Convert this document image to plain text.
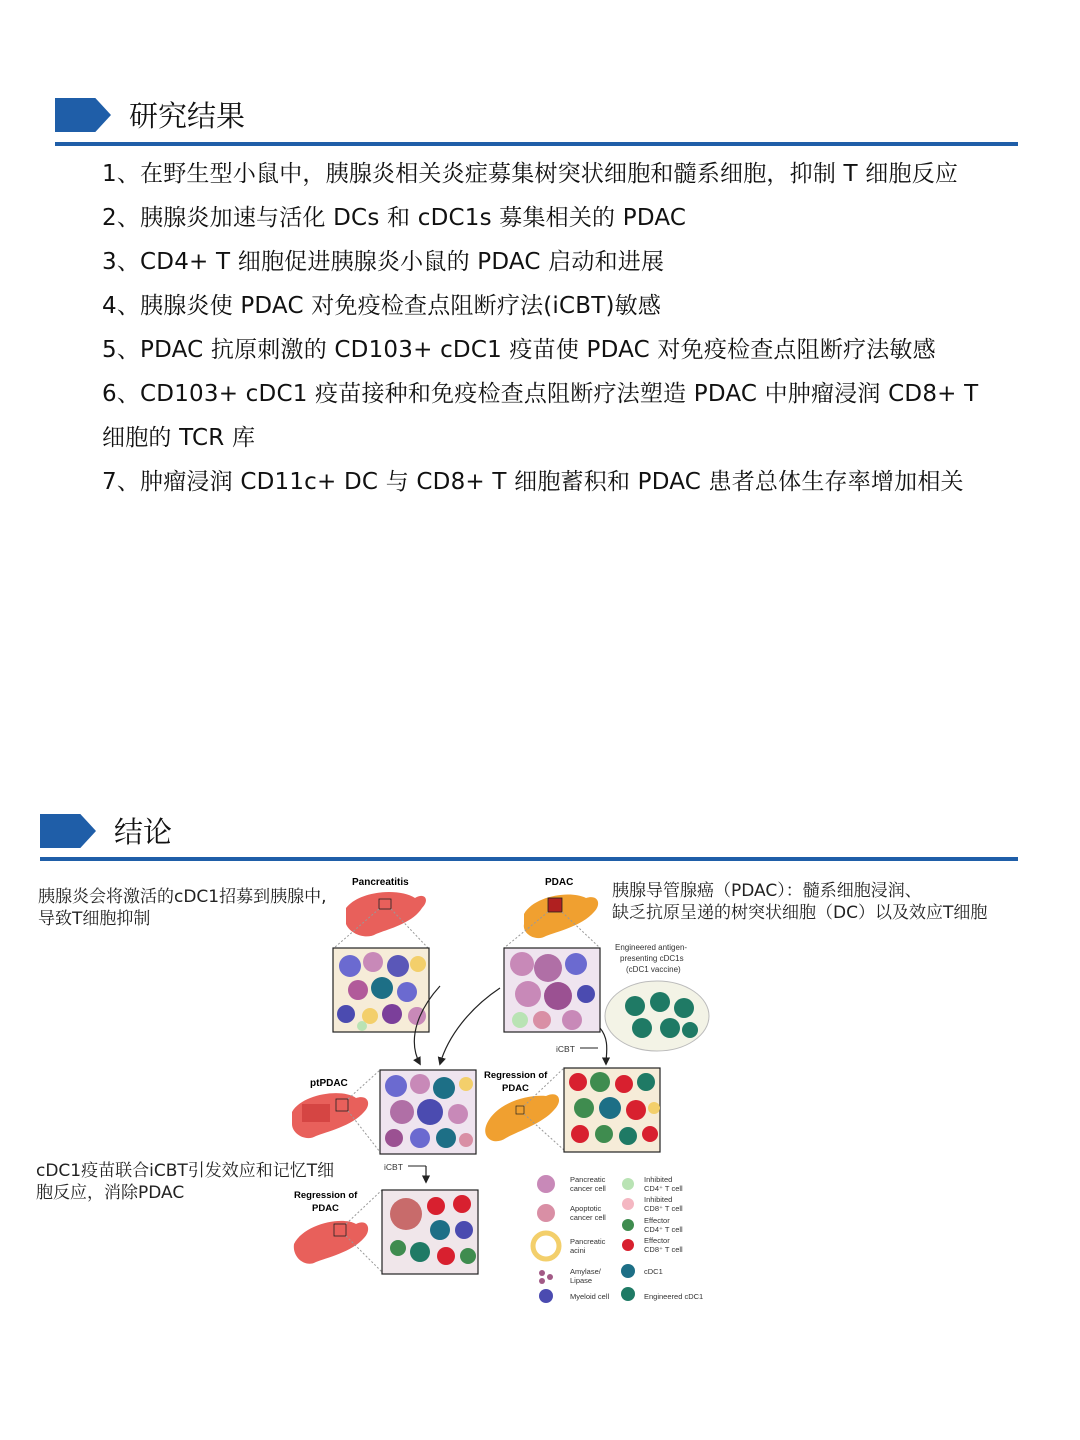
研究结果
1、在野生型小鼠中，胰腺炎相关炎症募集树突状细胞和髓系细胞，抑制 T 细胞反应
2、胰腺炎加速与活化 DCs 和 cDC1s 募集相关的 PDAC
3、CD4+ T 细胞促进胰腺炎小鼠的 PDAC 启动和进展
4、胰腺炎使 PDAC 对免疫检查点阻断疗法(iCBT)敏感
5、PDAC 抗原刺激的 CD103+ cDC1 疫苗使 PDAC 对免疫检查点阻断疗法敏感
6、CD103+ cDC1 疫苗接种和免疫检查点阻断疗法塑造 PDAC 中肿瘤浸润 CD8+ T 细胞的 TCR 库
7、肿瘤浸润 CD11c+ DC 与 CD8+ T 细胞蓄积和 PDAC 患者总体生存率增加相关
结论
胰腺炎会将激活的cDC1招募到胰腺中,
导致T细胞抑制
胰腺导管腺癌（PDAC）：髓系细胞浸润、
缺乏抗原呈递的树突状细胞（DC）以及效应T细胞
cDC1疫苗联合iCBT引发效应和记忆T细
胞反应，消除PDAC
Pancreatitis	PDAC
Engineered antigen- presenting cDC1s (cDC1 vaccine)
iCBT
ptPDAC
Regression of PDAC
iCBT
Regression of PDAC
Pancreatic cancer cell
Apoptotic cancer cell
Pancreatic acini
Amylase/ Lipase
Myeloid cell
Inhibited CD4⁺ T cell
Inhibited CD8⁺ T cell
Effector CD4⁺ T cell
Effector CD8⁺ T cell
cDC1
Engineered cDC1
